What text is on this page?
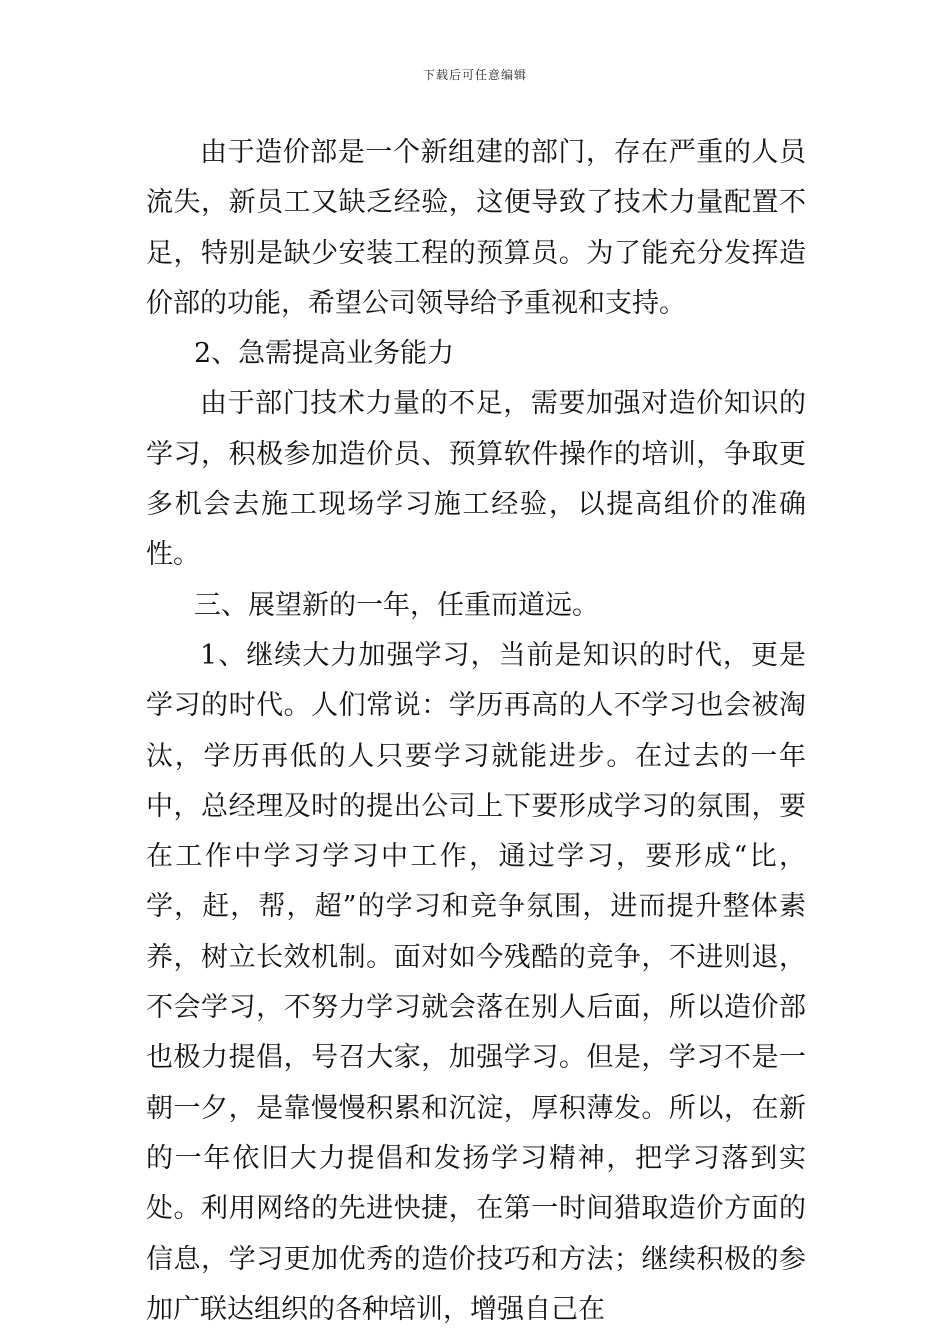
下载后可任意编辑

由于造价部是一个新组建的部门，存在严重的人员流失，新员工又缺乏经验，这便导致了技术力量配置不足，特别是缺少安装工程的预算员。为了能充分发挥造价部的功能，希望公司领导给予重视和支持。

2、急需提高业务能力

由于部门技术力量的不足，需要加强对造价知识的学习，积极参加造价员、预算软件操作的培训，争取更多机会去施工现场学习施工经验，以提高组价的准确性。

三、展望新的一年，任重而道远。

1、继续大力加强学习，当前是知识的时代，更是学习的时代。人们常说：学历再高的人不学习也会被淘汰，学历再低的人只要学习就能进步。在过去的一年中，总经理及时的提出公司上下要形成学习的氛围，要在工作中学习学习中工作，通过学习，要形成“比，学，赶，帮，超”的学习和竞争氛围，进而提升整体素养，树立长效机制。面对如今残酷的竞争，不进则退，不会学习，不努力学习就会落在别人后面，所以造价部也极力提倡，号召大家，加强学习。但是，学习不是一朝一夕，是靠慢慢积累和沉淀，厚积薄发。所以，在新的一年依旧大力提倡和发扬学习精神，把学习落到实处。利用网络的先进快捷，在第一时间猎取造价方面的信息，学习更加优秀的造价技巧和方法；继续积极的参加广联达组织的各种培训，增强自己在
